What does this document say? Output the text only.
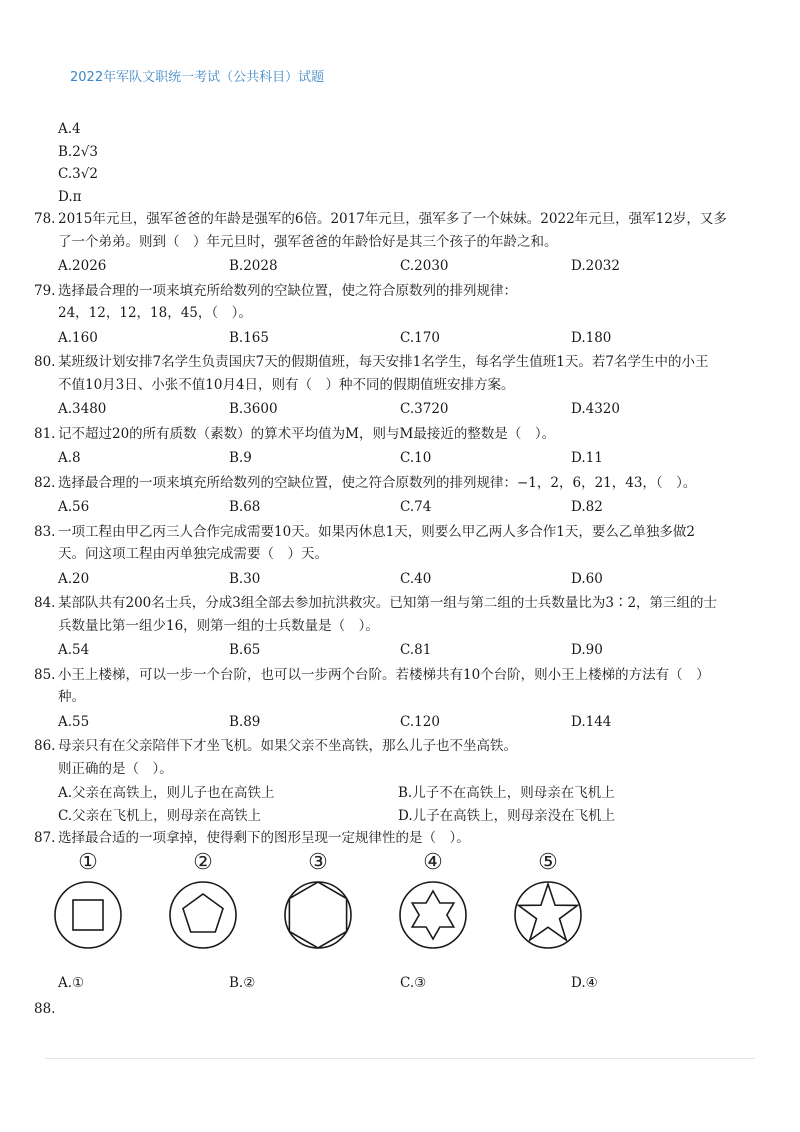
2022年军队文职统一考试（公共科目）试题
A.4
B.2√3
C.3√2
D.π
78. 2015年元旦，强军爸爸的年龄是强军的6倍。2017年元旦，强军多了一个妹妹。2022年元旦，强军12岁，又多
了一个弟弟。则到（　）年元旦时，强军爸爸的年龄恰好是其三个孩子的年龄之和。
A.2026	B.2028	C.2030	D.2032
79. 选择最合理的一项来填充所给数列的空缺位置，使之符合原数列的排列规律：
24，12，12，18，45，（　）。
A.160	B.165	C.170	D.180
80. 某班级计划安排7名学生负责国庆7天的假期值班，每天安排1名学生，每名学生值班1天。若7名学生中的小王
不值10月3日、小张不值10月4日，则有（　）种不同的假期值班安排方案。
A.3480	B.3600	C.3720	D.4320
81. 记不超过20的所有质数（素数）的算术平均值为M，则与M最接近的整数是（　）。
A.8	B.9	C.10	D.11
82. 选择最合理的一项来填充所给数列的空缺位置，使之符合原数列的排列规律：−1，2，6，21，43，（　）。
A.56	B.68	C.74	D.82
83. 一项工程由甲乙丙三人合作完成需要10天。如果丙休息1天，则要么甲乙两人多合作1天，要么乙单独多做2
天。问这项工程由丙单独完成需要（　）天。
A.20	B.30	C.40	D.60
84. 某部队共有200名士兵，分成3组全部去参加抗洪救灾。已知第一组与第二组的士兵数量比为3∶2，第三组的士
兵数量比第一组少16，则第一组的士兵数量是（　）。
A.54	B.65	C.81	D.90
85. 小王上楼梯，可以一步一个台阶，也可以一步两个台阶。若楼梯共有10个台阶，则小王上楼梯的方法有（　）
种。
A.55	B.89	C.120	D.144
86. 母亲只有在父亲陪伴下才坐飞机。如果父亲不坐高铁，那么儿子也不坐高铁。
则正确的是（　）。
A.父亲在高铁上，则儿子也在高铁上	B.儿子不在高铁上，则母亲在飞机上
C.父亲在飞机上，则母亲在高铁上	D.儿子在高铁上，则母亲没在飞机上
87. 选择最合适的一项拿掉，使得剩下的图形呈现一定规律性的是（　）。
①	②	③	④	⑤
A.①	B.②	C.③	D.④
88.
